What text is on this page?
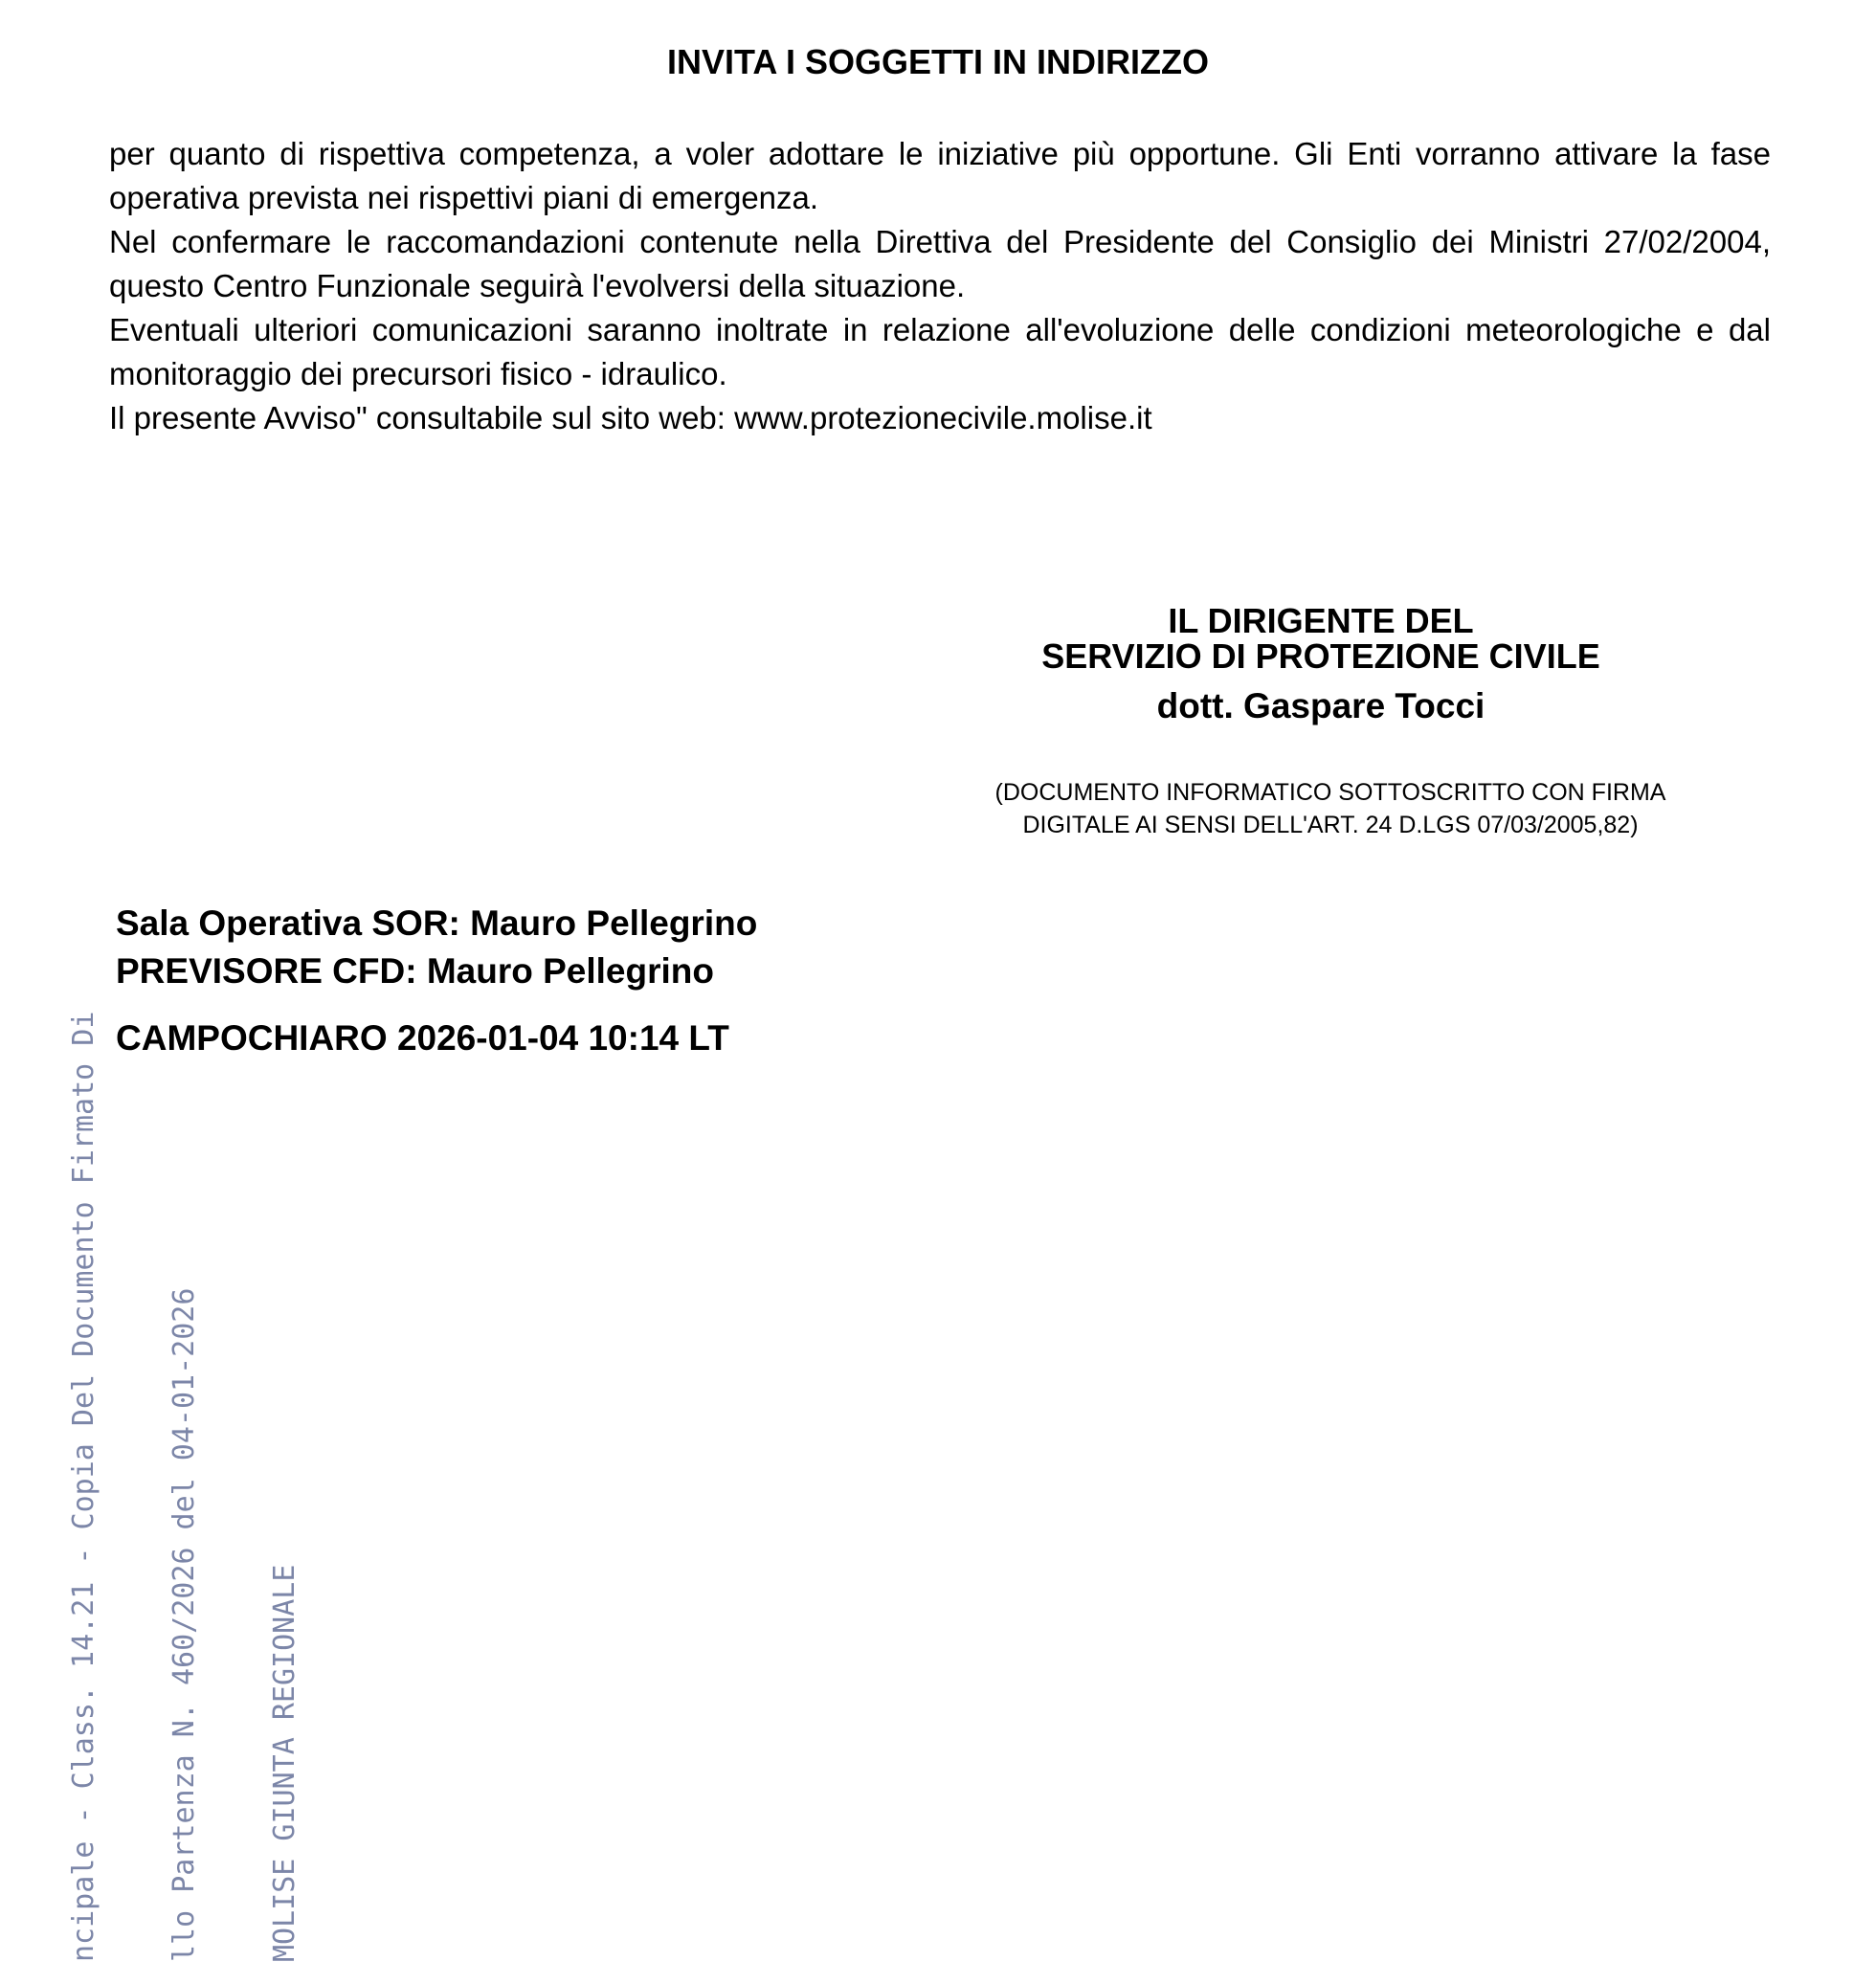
ncipale - Class. 14.21 - Copia Del Documento Firmato Di

llo Partenza N. 460/2026 del 04-01-2026

MOLISE GIUNTA REGIONALE

INVITA I SOGGETTI IN INDIRIZZO

per quanto di rispettiva competenza, a voler adottare le iniziative più opportune. Gli Enti vorranno attivare la fase operativa prevista nei rispettivi piani di emergenza.

Nel confermare le raccomandazioni contenute nella Direttiva del Presidente del Consiglio dei Ministri 27/02/2004, questo Centro Funzionale seguirà l'evolversi della situazione.

Eventuali ulteriori comunicazioni saranno inoltrate in relazione all'evoluzione delle condizioni meteorologiche e dal monitoraggio dei precursori fisico - idraulico.

Il presente Avviso" consultabile sul sito web: www.protezionecivile.molise.it

IL DIRIGENTE DEL
SERVIZIO DI PROTEZIONE CIVILE
dott. Gaspare Tocci
(DOCUMENTO INFORMATICO SOTTOSCRITTO CON FIRMA
DIGITALE AI SENSI DELL'ART. 24 D.LGS 07/03/2005,82)
Sala Operativa SOR: Mauro Pellegrino
PREVISORE CFD: Mauro Pellegrino
CAMPOCHIARO 2026-01-04 10:14 LT
